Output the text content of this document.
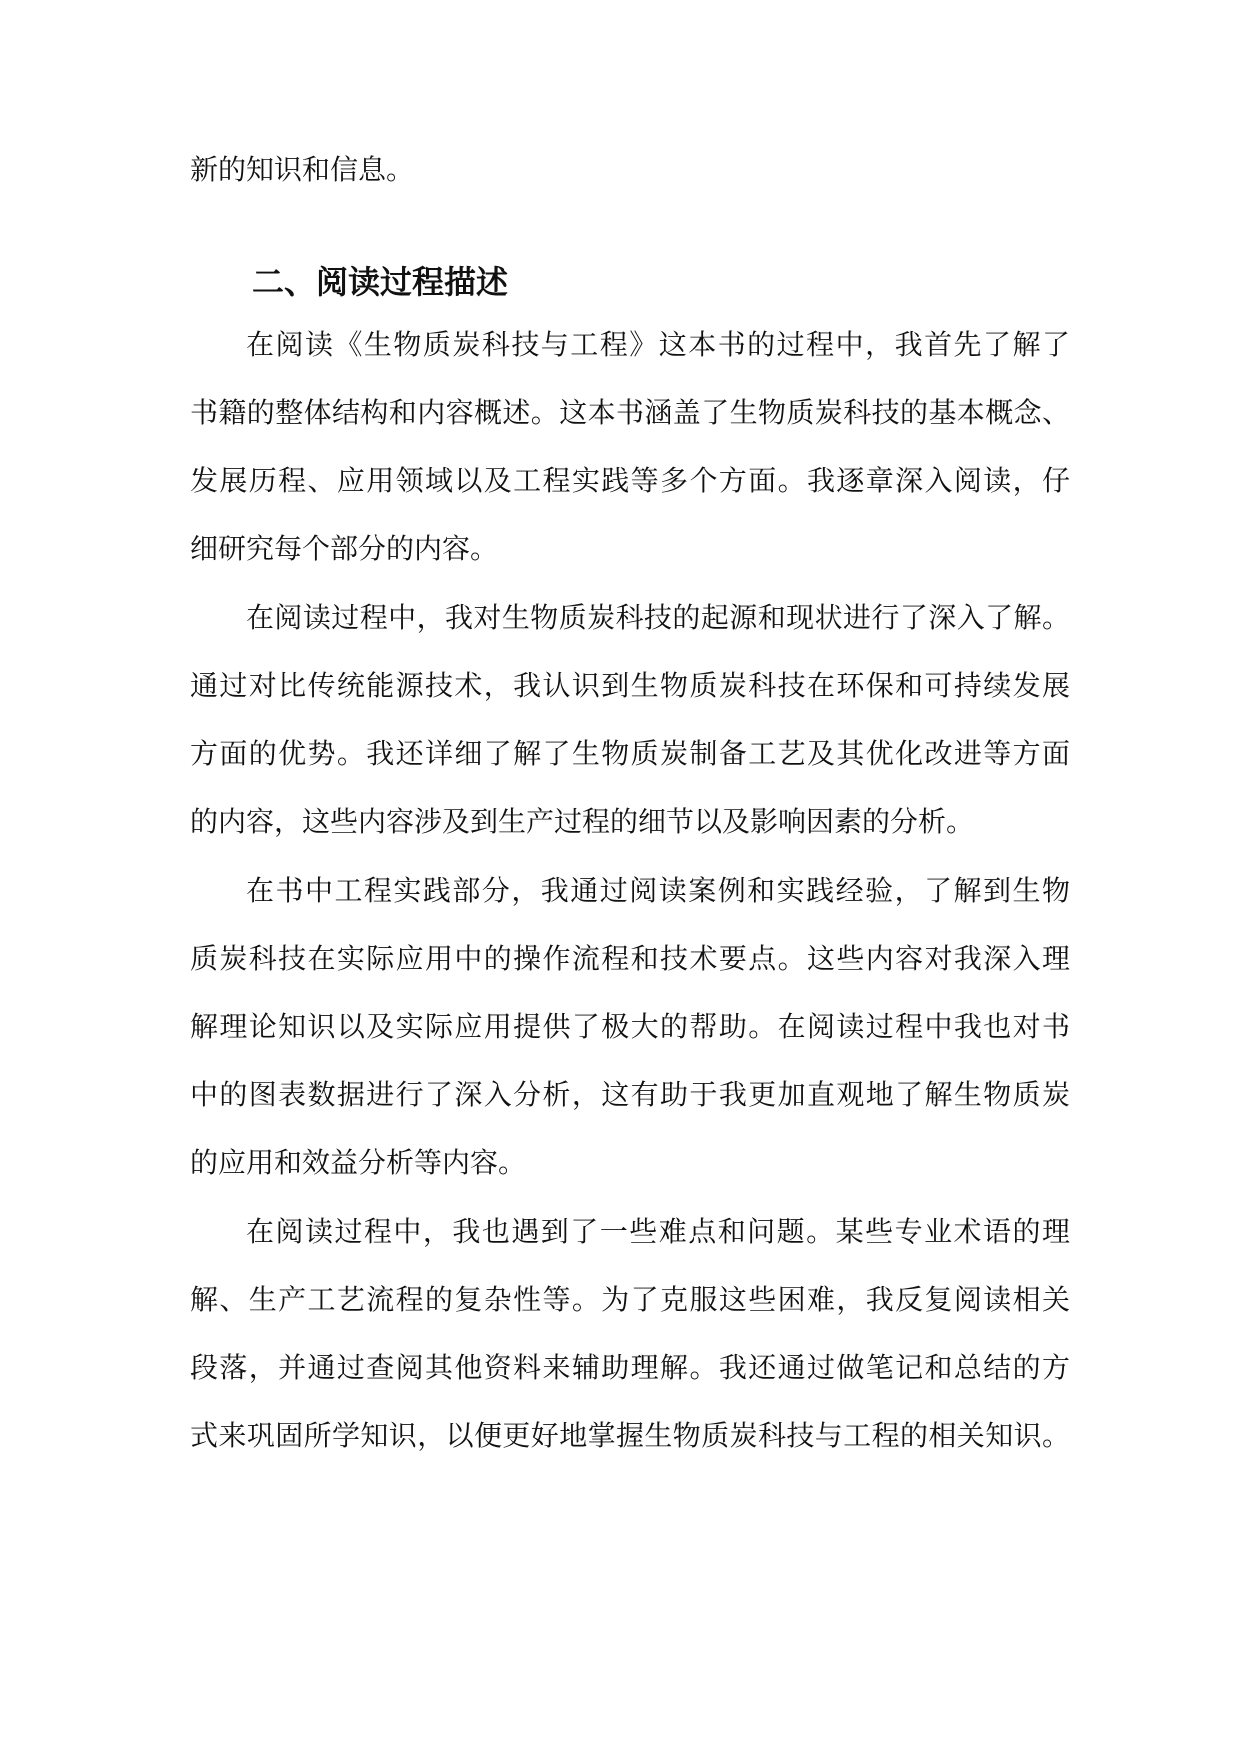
新的知识和信息。
二、阅读过程描述
在阅读《生物质炭科技与工程》这本书的过程中，我首先了解了
书籍的整体结构和内容概述。这本书涵盖了生物质炭科技的基本概念、
发展历程、应用领域以及工程实践等多个方面。我逐章深入阅读，仔
细研究每个部分的内容。
在阅读过程中，我对生物质炭科技的起源和现状进行了深入了解。
通过对比传统能源技术，我认识到生物质炭科技在环保和可持续发展
方面的优势。我还详细了解了生物质炭制备工艺及其优化改进等方面
的内容，这些内容涉及到生产过程的细节以及影响因素的分析。
在书中工程实践部分，我通过阅读案例和实践经验，了解到生物
质炭科技在实际应用中的操作流程和技术要点。这些内容对我深入理
解理论知识以及实际应用提供了极大的帮助。在阅读过程中我也对书
中的图表数据进行了深入分析，这有助于我更加直观地了解生物质炭
的应用和效益分析等内容。
在阅读过程中，我也遇到了一些难点和问题。某些专业术语的理
解、生产工艺流程的复杂性等。为了克服这些困难，我反复阅读相关
段落，并通过查阅其他资料来辅助理解。我还通过做笔记和总结的方
式来巩固所学知识，以便更好地掌握生物质炭科技与工程的相关知识。
